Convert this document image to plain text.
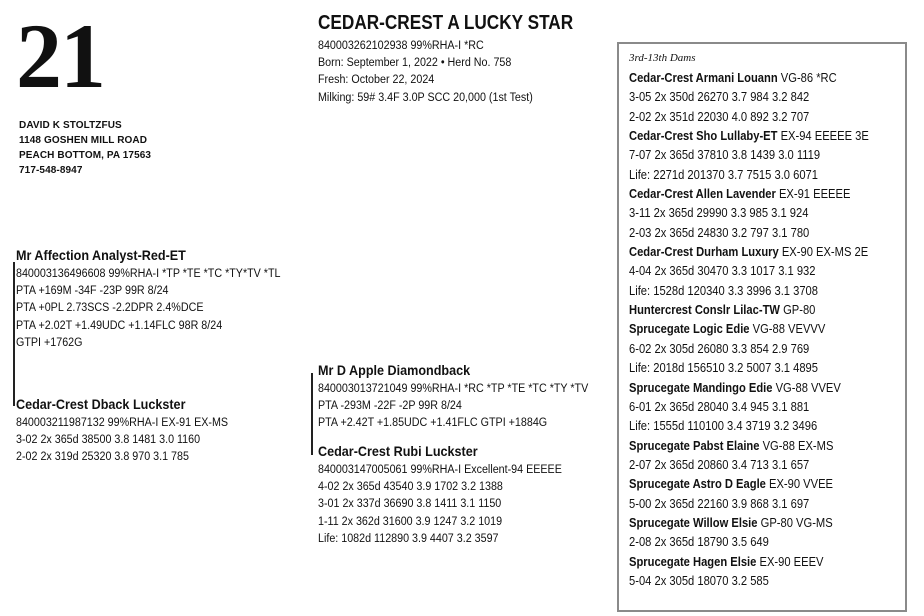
21
DAVID K STOLTZFUS
1148 GOSHEN MILL ROAD
PEACH BOTTOM, PA 17563
717-548-8947
CEDAR-CREST A LUCKY STAR
840003262102938 99%RHA-I *RC
Born: September 1, 2022 • Herd No. 758
Fresh: October 22, 2024
Milking: 59# 3.4F 3.0P SCC 20,000 (1st Test)
Mr Affection Analyst-Red-ET
840003136496608 99%RHA-I *TP *TE *TC *TY*TV *TL
PTA +169M -34F -23P 99R 8/24
PTA +0PL 2.73SCS -2.2DPR 2.4%DCE
PTA +2.02T +1.49UDC +1.14FLC 98R 8/24
GTPI +1762G
Cedar-Crest Dback Luckster
840003211987132 99%RHA-I EX-91 EX-MS
3-02 2x 365d 38500 3.8 1481 3.0 1160
2-02 2x 319d 25320 3.8 970 3.1 785
Mr D Apple Diamondback
840003013721049 99%RHA-I *RC *TP *TE *TC *TY *TV
PTA -293M -22F -2P 99R 8/24
PTA +2.42T +1.85UDC +1.41FLC GTPI +1884G
Cedar-Crest Rubi Luckster
840003147005061 99%RHA-I Excellent-94 EEEEE
4-02 2x 365d 43540 3.9 1702 3.2 1388
3-01 2x 337d 36690 3.8 1411 3.1 1150
1-11 2x 362d 31600 3.9 1247 3.2 1019
Life: 1082d 112890 3.9 4407 3.2 3597
3rd-13th Dams
Cedar-Crest Armani Louann VG-86 *RC
3-05 2x 350d 26270 3.7 984 3.2 842
2-02 2x 351d 22030 4.0 892 3.2 707
Cedar-Crest Sho Lullaby-ET EX-94 EEEEE 3E
7-07 2x 365d 37810 3.8 1439 3.0 1119
Life: 2271d 201370 3.7 7515 3.0 6071
Cedar-Crest Allen Lavender EX-91 EEEEE
3-11 2x 365d 29990 3.3 985 3.1 924
2-03 2x 365d 24830 3.2 797 3.1 780
Cedar-Crest Durham Luxury EX-90 EX-MS 2E
4-04 2x 365d 30470 3.3 1017 3.1 932
Life: 1528d 120340 3.3 3996 3.1 3708
Huntercrest Conslr Lilac-TW GP-80
Sprucegate Logic Edie VG-88 VEVVV
6-02 2x 305d 26080 3.3 854 2.9 769
Life: 2018d 156510 3.2 5007 3.1 4895
Sprucegate Mandingo Edie VG-88 VVEV
6-01 2x 365d 28040 3.4 945 3.1 881
Life: 1555d 110100 3.4 3719 3.2 3496
Sprucegate Pabst Elaine VG-88 EX-MS
2-07 2x 365d 20860 3.4 713 3.1 657
Sprucegate Astro D Eagle EX-90 VVEE
5-00 2x 365d 22160 3.9 868 3.1 697
Sprucegate Willow Elsie GP-80 VG-MS
2-08 2x 365d 18790 3.5 649
Sprucegate Hagen Elsie EX-90 EEEV
5-04 2x 305d 18070 3.2 585
